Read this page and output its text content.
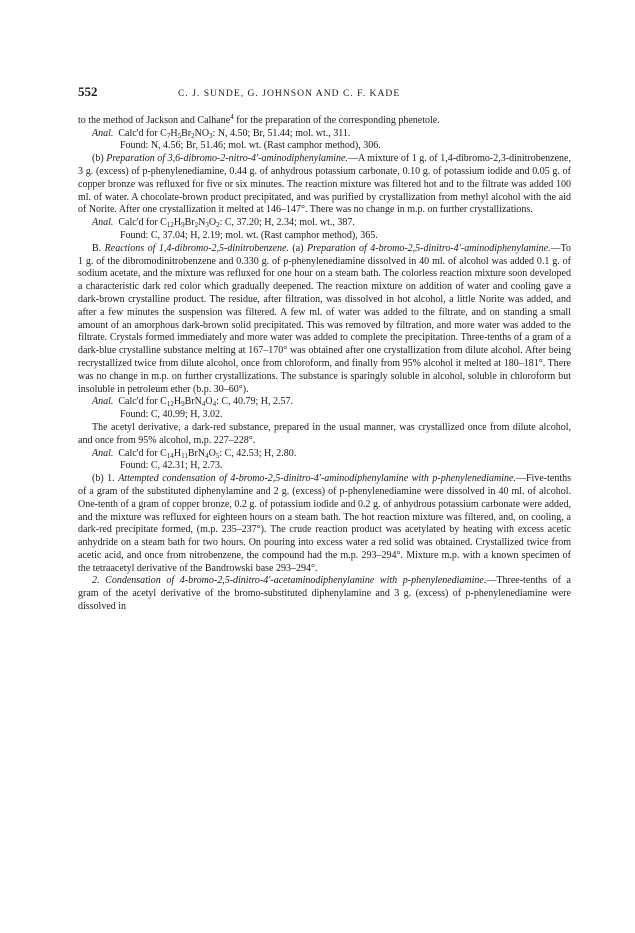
552	C. J. SUNDE, G. JOHNSON AND C. F. KADE

to the method of Jackson and Calhane$^4$ for the preparation of the corresponding phenetole.

Anal. Calc'd for $C_7H_5Br_2NO_3$: N, 4.50; Br, 51.44; mol. wt., 311.

Found: N, 4.56; Br, 51.46; mol. wt. (Rast camphor method), 306.

(b) Preparation of 3,6-dibromo-2-nitro-4′-aminodiphenylamine.—A mixture of 1 g. of 1,4-dibromo-2,3-dinitrobenzene, 3 g. (excess) of p-phenylenediamine, 0.44 g. of anhydrous potassium carbonate, 0.10 g. of potassium iodide and 0.05 g. of copper bronze was refluxed for five or six minutes. The reaction mixture was filtered hot and to the filtrate was added 100 ml. of water. A chocolate-brown product precipitated, and was purified by crystallization from methyl alcohol with the aid of Norite. After one crystallization it melted at 146–147°. There was no change in m.p. on further crystallizations.

Anal. Calc'd for $C_{12}H_9Br_2N_3O_2$: C, 37.20; H, 2.34; mol. wt., 387.

Found: C, 37.04; H, 2.19; mol. wt. (Rast camphor method), 365.

B. Reactions of 1,4-dibromo-2,5-dinitrobenzene. (a) Preparation of 4-bromo-2,5-dinitro-4′-aminodiphenylamine.—To 1 g. of the dibromodinitrobenzene and 0.330 g. of p-phenylenediamine dissolved in 40 ml. of alcohol was added 0.1 g. of sodium acetate, and the mixture was refluxed for one hour on a steam bath. The colorless reaction mixture soon developed a characteristic dark red color which gradually deepened. The reaction mixture on addition of water and cooling gave a dark-brown crystalline product. The residue, after filtration, was dissolved in hot alcohol, a little Norite was added, and after a few minutes the suspension was filtered. A few ml. of water was added to the filtrate, and on standing a small amount of an amorphous dark-brown solid precipitated. This was removed by filtration, and more water was added to the filtrate. Crystals formed immediately and more water was added to complete the precipitation. Three-tenths of a gram of a dark-blue crystalline substance melting at 167–170° was obtained after one crystallization from dilute alcohol. After being recrystallized twice from dilute alcohol, once from chloroform, and finally from 95% alcohol it melted at 180–181°. There was no change in m.p. on further crystallizations. The substance is sparingly soluble in alcohol, soluble in chloroform but insoluble in petroleum ether (b.p. 30–60°).

Anal. Calc'd for $C_{12}H_9BrN_4O_4$: C, 40.79; H, 2.57.

Found: C, 40.99; H, 3.02.

The acetyl derivative, a dark-red substance, prepared in the usual manner, was crystallized once from dilute alcohol, and once from 95% alcohol, m.p. 227–228°.

Anal. Calc'd for $C_{14}H_{11}BrN_4O_5$: C, 42.53; H, 2.80.

Found: C, 42.31; H, 2.73.

(b) 1. Attempted condensation of 4-bromo-2,5-dinitro-4′-aminodiphenylamine with p-phenylenediamine.—Five-tenths of a gram of the substituted diphenylamine and 2 g. (excess) of p-phenylenediamine were dissolved in 40 ml. of alcohol. One-tenth of a gram of copper bronze, 0.2 g. of potassium iodide and 0.2 g. of anhydrous potassium carbonate were added, and the mixture was refluxed for eighteen hours on a steam bath. The hot reaction mixture was filtered, and, on cooling, a dark-red precipitate formed, (m.p. 235–237°). The crude reaction product was acetylated by heating with excess acetic anhydride on a steam bath for two hours. On pouring into excess water a red solid was obtained. Crystallized twice from acetic acid, and once from nitrobenzene, the compound had the m.p. 293–294°. Mixture m.p. with a known specimen of the tetraacetyl derivative of the Bandrowski base 293–294°.

2. Condensation of 4-bromo-2,5-dinitro-4′-acetaminodiphenylamine with p-phenylenediamine.—Three-tenths of a gram of the acetyl derivative of the bromo-substituted diphenylamine and 3 g. (excess) of p-phenylenediamine were dissolved in
